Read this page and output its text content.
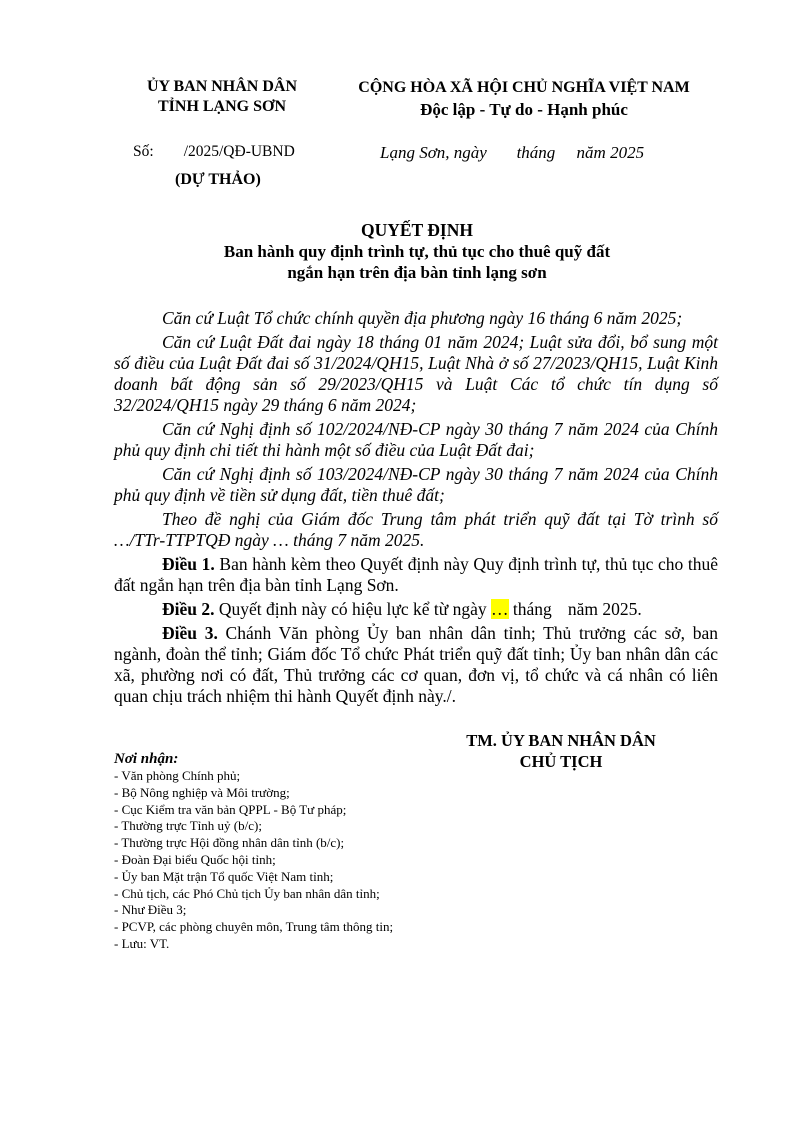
ỦY BAN NHÂN DÂN
TỈNH LẠNG SƠN
CỘNG HÒA XÃ HỘI CHỦ NGHĨA VIỆT NAM
Độc lập - Tự do - Hạnh phúc
Số: /2025/QĐ-UBND
(DỰ THẢO)
Lạng Sơn, ngày       tháng     năm 2025
QUYẾT ĐỊNH
Ban hành quy định trình tự, thủ tục cho thuê quỹ đất
ngắn hạn trên địa bàn tỉnh lạng sơn

Căn cứ Luật Tổ chức chính quyền địa phương ngày 16 tháng 6 năm 2025;

Căn cứ Luật Đất đai ngày 18 tháng 01 năm 2024; Luật sửa đổi, bổ sung một số điều của Luật Đất đai số 31/2024/QH15, Luật Nhà ở số 27/2023/QH15, Luật Kinh doanh bất động sản số 29/2023/QH15 và Luật Các tổ chức tín dụng số 32/2024/QH15 ngày 29 tháng 6 năm 2024;

Căn cứ Nghị định số 102/2024/NĐ-CP ngày 30 tháng 7 năm 2024 của Chính phủ quy định chi tiết thi hành một số điều của Luật Đất đai;

Căn cứ Nghị định số 103/2024/NĐ-CP ngày 30 tháng 7 năm 2024 của Chính phủ quy định về tiền sử dụng đất, tiền thuê đất;

Theo đề nghị của Giám đốc Trung tâm phát triển quỹ đất tại Tờ trình số …/TTr-TTPTQĐ ngày … tháng 7 năm 2025.

Điều 1. Ban hành kèm theo Quyết định này Quy định trình tự, thủ tục cho thuê đất ngắn hạn trên địa bàn tỉnh Lạng Sơn.

Điều 2. Quyết định này có hiệu lực kể từ ngày … tháng năm 2025.

Điều 3. Chánh Văn phòng Ủy ban nhân dân tỉnh; Thủ trưởng các sở, ban ngành, đoàn thể tỉnh; Giám đốc Tổ chức Phát triển quỹ đất tỉnh; Ủy ban nhân dân các xã, phường nơi có đất, Thủ trưởng các cơ quan, đơn vị, tổ chức và cá nhân có liên quan chịu trách nhiệm thi hành Quyết định này./.

Nơi nhận:
- Văn phòng Chính phủ;
- Bộ Nông nghiệp và Môi trường;
- Cục Kiểm tra văn bản QPPL - Bộ Tư pháp;
- Thường trực Tỉnh uỷ (b/c);
- Thường trực Hội đồng nhân dân tỉnh (b/c);
- Đoàn Đại biểu Quốc hội tỉnh;
- Ủy ban Mặt trận Tổ quốc Việt Nam tỉnh;
- Chủ tịch, các Phó Chủ tịch Ủy ban nhân dân tỉnh;
- Như Điều 3;
- PCVP, các phòng chuyên môn, Trung tâm thông tin;
- Lưu: VT.
TM. ỦY BAN NHÂN DÂN
CHỦ TỊCH
